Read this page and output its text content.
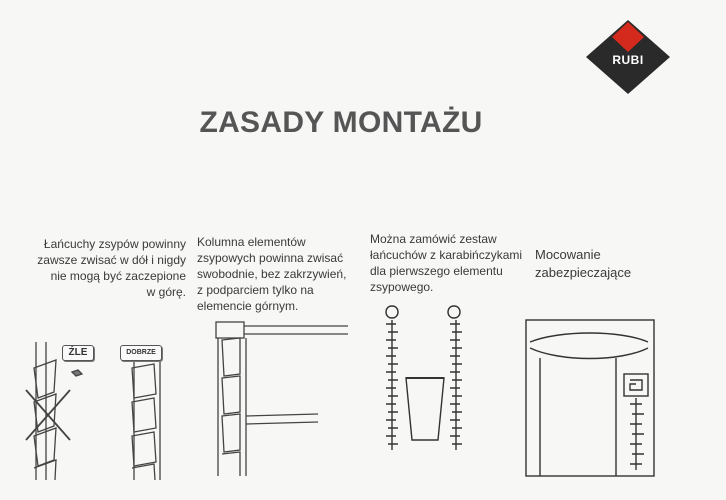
RUBI
ZASADY MONTAŻU
Łańcuchy zsypów powinny
zawsze zwisać w dół i nigdy
nie mogą być zaczepione
w górę.
Kolumna elementów
zsypowych powinna zwisać
swobodnie, bez zakrzywień,
z podparciem tylko na
elemencie górnym.
Można zamówić zestaw
łańcuchów z karabińczykami
dla pierwszego elementu
zsypowego.
Mocowanie
zabezpieczające
ŹLE	DOBRZE
